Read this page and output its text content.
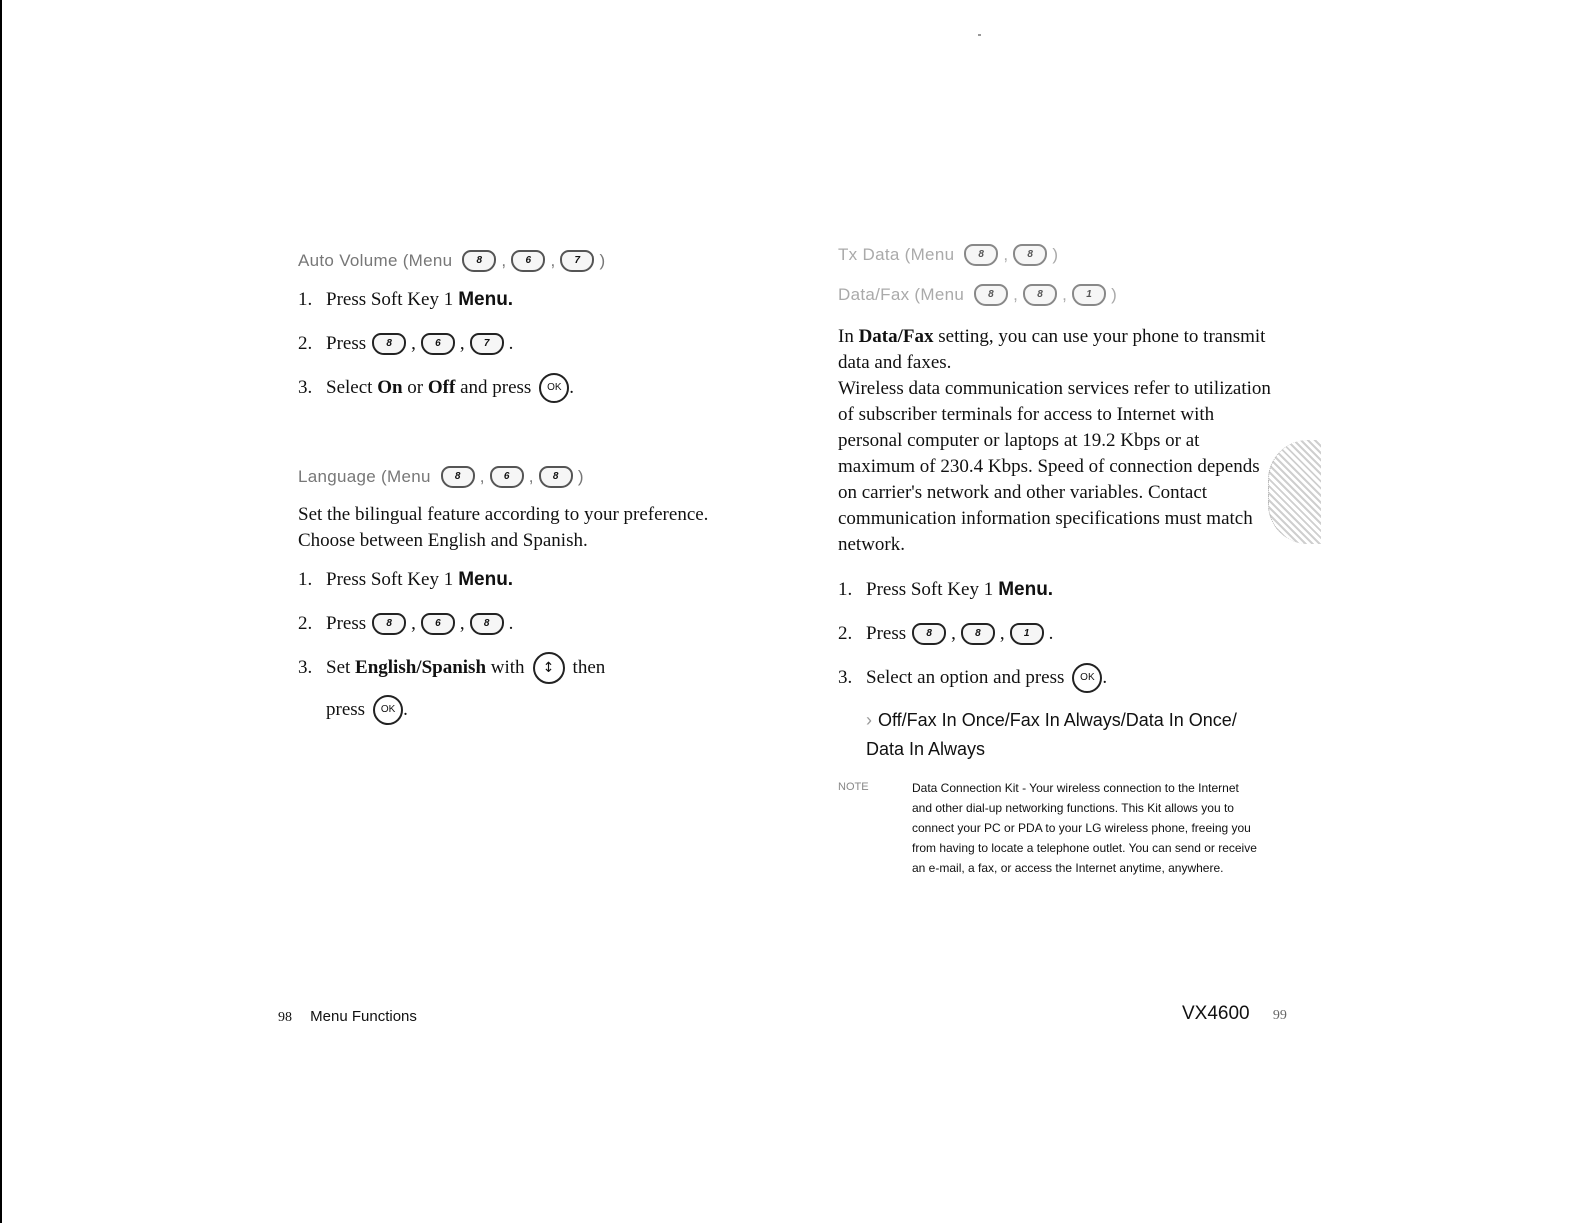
Auto Volume (Menu	8	,	6	,	7	)
1. Press Soft Key 1 Menu.
2. Press	8	,	6	,	7	.
3. Select
On
or
Off
and press	OK .
Language (Menu	8	,	6	,	8	)

Set the bilingual feature according to your preference.
Choose between English and Spanish.

1. Press Soft Key 1 Menu.
2. Press	8	,	6	,	8	.
3. Set
English/Spanish
with	↕ then
press	OK .
Tx Data (Menu	8	,	8	)
Data/Fax (Menu	8	,	8	,	1	)

In Data/Fax setting, you can use your phone to transmit data and faxes.

Wireless data communication services refer to utilization of subscriber terminals for access to Internet with personal computer or laptops at 19.2 Kbps or at maximum of 230.4 Kbps. Speed of connection depends on carrier's network and other variables. Contact communication information specifications must match network.

1. Press Soft Key 1 Menu.
2. Press	8	,	8	,	1	.
3. Select an option and press	OK .
› Off/Fax In Once/Fax In Always/Data In Once/ Data In Always
NOTE	Data Connection Kit - Your wireless connection to the Internet and other dial-up networking functions. This Kit allows you to connect your PC or PDA to your LG wireless phone, freeing you from having to locate a telephone outlet. You can send or receive an e-mail, a fax, or access the Internet anytime, anywhere.
98 Menu Functions	VX4600 99
